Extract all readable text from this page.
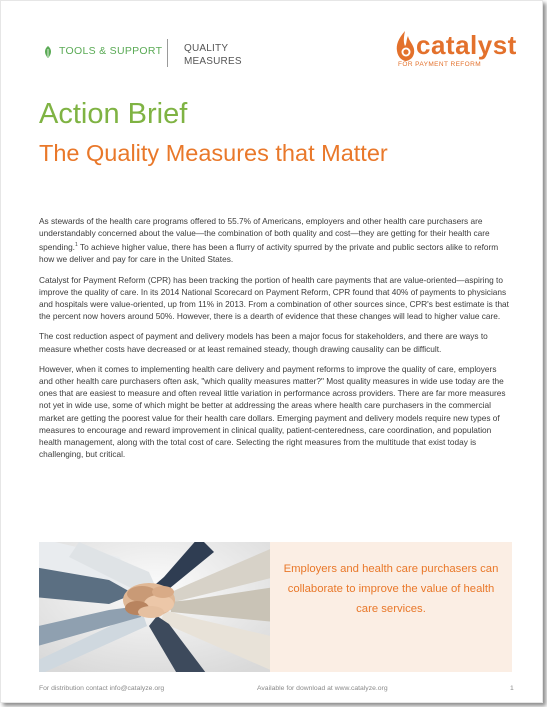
TOOLS & SUPPORT QUALITY
MEASURES
catalyst
FOR PAYMENT REFORM
Action Brief
The Quality Measures that Matter

As stewards of the health care programs offered to 55.7% of Americans, employers and other health care purchasers are understandably concerned about the value—the combination of both quality and cost—they are getting for their health care spending.$^1$ To achieve higher value, there has been a flurry of activity spurred by the private and public sectors alike to reform how we deliver and pay for care in the United States.

Catalyst for Payment Reform (CPR) has been tracking the portion of health care payments that are value-oriented—aspiring to improve the quality of care. In its 2014 National Scorecard on Payment Reform, CPR found that 40% of payments to physicians and hospitals were value-oriented, up from 11% in 2013. From a combination of other sources since, CPR's best estimate is that the percent now hovers around 50%. However, there is a dearth of evidence that these changes will lead to higher value care.

The cost reduction aspect of payment and delivery models has been a major focus for stakeholders, and there are ways to measure whether costs have decreased or at least remained steady, though drawing causality can be difficult.

However, when it comes to implementing health care delivery and payment reforms to improve the quality of care, employers and other health care purchasers often ask, "which quality measures matter?" Most quality measures in wide use today are the ones that are easiest to measure and often reveal little variation in performance across providers. There are far more measures not yet in wide use, some of which might be better at addressing the areas where health care purchasers in the commercial market are getting the poorest value for their health care dollars. Emerging payment and delivery models require new types of measures to encourage and reward improvement in clinical quality, patient-centeredness, care coordination, and population health management, along with the total cost of care. Selecting the right measures from the multitude that exist today is challenging, but critical.

Employers and health care purchasers can collaborate to improve the value of health care services.
For distribution contact info@catalyze.org	Available for download at www.catalyze.org	1
